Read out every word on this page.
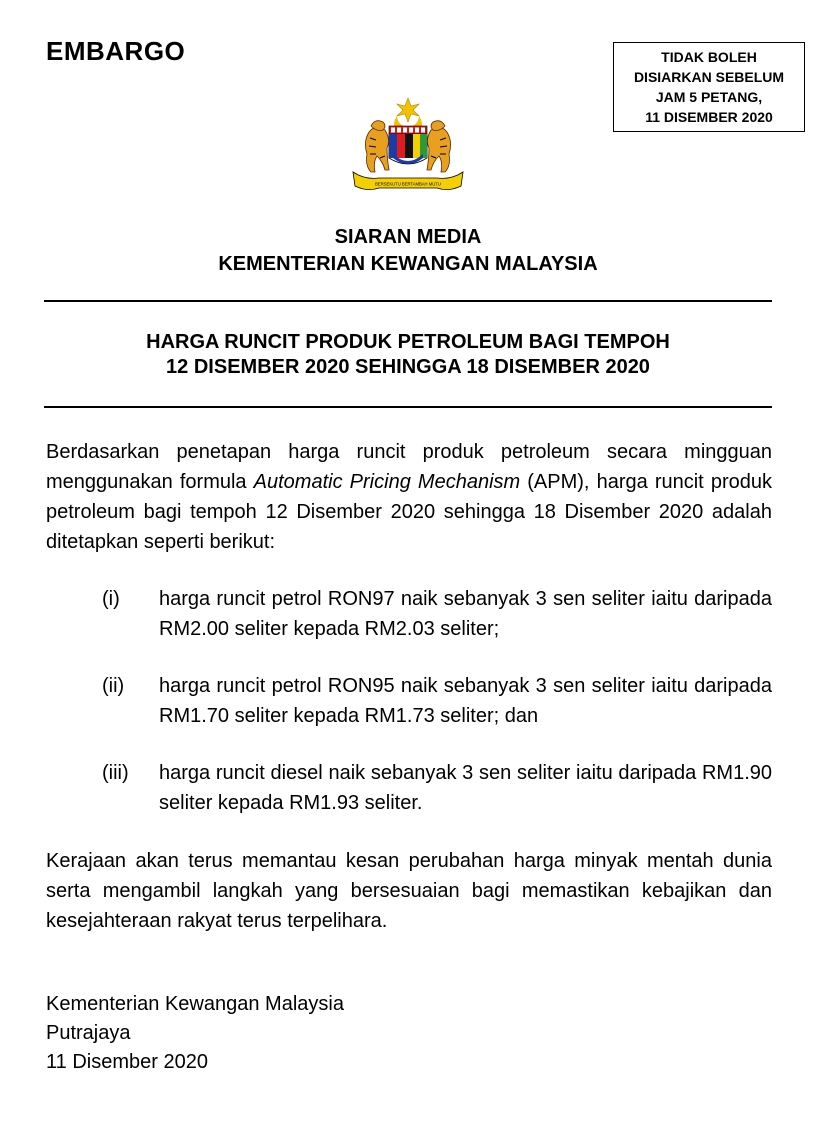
EMBARGO	TIDAK BOLEH
DISIARKAN SEBELUM
JAM 5 PETANG,
11 DISEMBER 2020
BERSEKUTU BERTAMBAH MUTU
SIARAN MEDIA
KEMENTERIAN KEWANGAN MALAYSIA
HARGA RUNCIT PRODUK PETROLEUM BAGI TEMPOH
12 DISEMBER 2020 SEHINGGA 18 DISEMBER 2020

Berdasarkan penetapan harga runcit produk petroleum secara mingguan menggunakan formula Automatic Pricing Mechanism (APM), harga runcit produk petroleum bagi tempoh 12 Disember 2020 sehingga 18 Disember 2020 adalah ditetapkan seperti berikut:

(i) harga runcit petrol RON97 naik sebanyak 3 sen seliter iaitu daripada RM2.00 seliter kepada RM2.03 seliter;
(ii) harga runcit petrol RON95 naik sebanyak 3 sen seliter iaitu daripada RM1.70 seliter kepada RM1.73 seliter; dan
(iii) harga runcit diesel naik sebanyak 3 sen seliter iaitu daripada RM1.90 seliter kepada RM1.93 seliter.

Kerajaan akan terus memantau kesan perubahan harga minyak mentah dunia serta mengambil langkah yang bersesuaian bagi memastikan kebajikan dan kesejahteraan rakyat terus terpelihara.

Kementerian Kewangan Malaysia
Putrajaya
11 Disember 2020
